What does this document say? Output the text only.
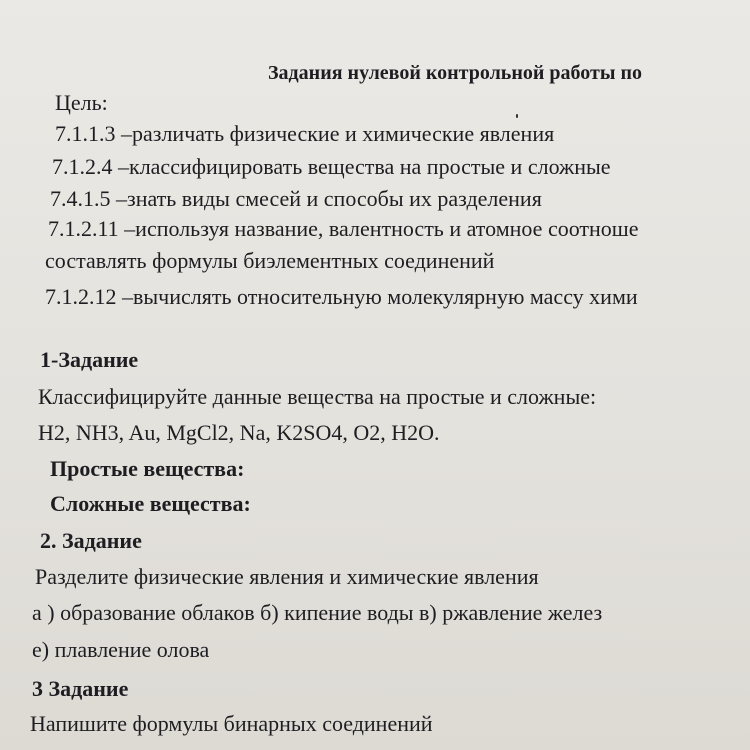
Задания нулевой контрольной работы по
Цель:
7.1.1.3 –различать физические и химические явления
7.1.2.4 –классифицировать вещества на простые и сложные
7.4.1.5 –знать виды смесей и способы их разделения
7.1.2.11 –используя название, валентность и атомное соотноше
составлять формулы биэлементных соединений
7.1.2.12 –вычислять относительную молекулярную массу хими
1-Задание
Классифицируйте данные вещества на простые и сложные:
H2, NH3, Au, MgCl2, Na, K2SO4, O2, H2O.
Простые вещества:
Сложные вещества:
2. Задание
Разделите физические явления и химические явления
а ) образование облаков б) кипение воды в) ржавление желез
е) плавление олова
3 Задание
Напишите формулы бинарных соединений
